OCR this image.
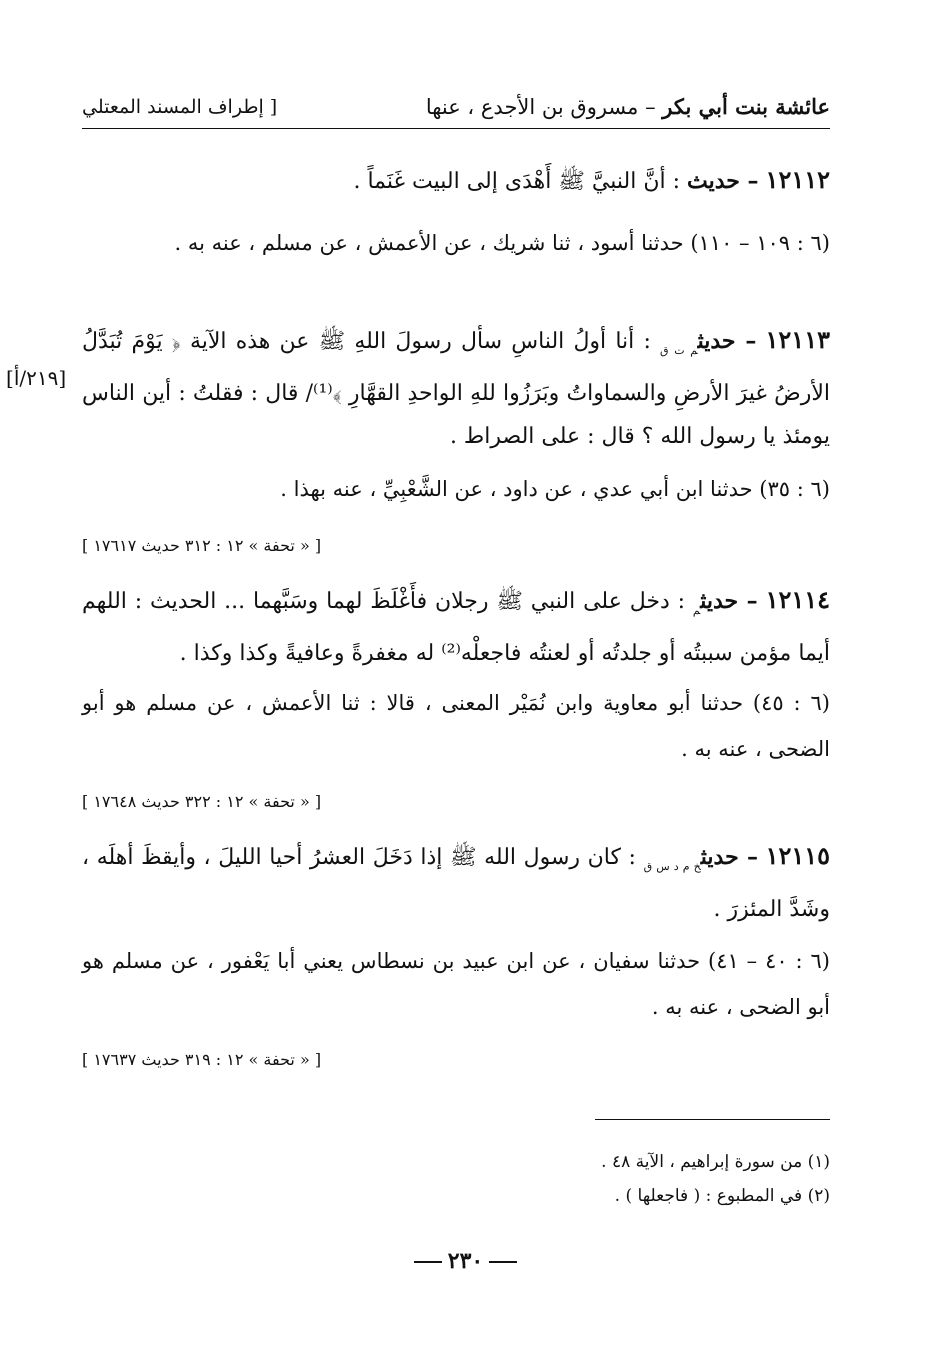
عائشة بنت أبي بكر – مسروق بن الأجدع ، عنها
[ إطراف المسند المعتلي
١٢١١٢ – حديث : أنَّ النبيَّ ﷺ أَهْدَى إلى البيت غَنَماً .
(٦ : ١٠٩ – ١١٠) حدثنا أسود ، ثنا شريك ، عن الأعمش ، عن مسلم ، عنه به .
١٢١١٣ – حديث$_{م ت ق}$ : أنا أولُ الناسِ سأل رسولَ اللهِ ﷺ عن هذه الآية ﴿ يَوْمَ تُبَدَّلُ الأرضُ غيرَ الأرضِ والسماواتُ وبَرَزُوا للهِ الواحدِ القهَّارِ ﴾⁽¹⁾/ قال : فقلتُ : أين الناس يومئذ يا رسول الله ؟ قال : على الصراط .
[٢١٩/أ]
(٦ : ٣٥) حدثنا ابن أبي عدي ، عن داود ، عن الشَّعْبِيِّ ، عنه بهذا .
[ « تحفة » ١٢ : ٣١٢ حديث ١٧٦١٧ ]
١٢١١٤ – حديث$_م$ : دخل على النبي ﷺ رجلان فأَغْلَظَ لهما وسَبَّهما ... الحديث : اللهم أيما مؤمن سببتُه أو جلدتُه أو لعنتُه فاجعلْه⁽²⁾ له مغفرةً وعافيةً وكذا وكذا .
(٦ : ٤٥) حدثنا أبو معاوية وابن نُمَيْر المعنى ، قالا : ثنا الأعمش ، عن مسلم هو أبو الضحى ، عنه به .
[ « تحفة » ١٢ : ٣٢٢ حديث ١٧٦٤٨ ]
١٢١١٥ – حديث$_{خ م د س ق}$ : كان رسول الله ﷺ إذا دَخَلَ العشرُ أحيا الليلَ ، وأيقظَ أهلَه ، وشَدَّ المئزرَ .
(٦ : ٤٠ – ٤١) حدثنا سفيان ، عن ابن عبيد بن نسطاس يعني أبا يَعْفور ، عن مسلم هو أبو الضحى ، عنه به .
[ « تحفة » ١٢ : ٣١٩ حديث ١٧٦٣٧ ]
(١) من سورة إبراهيم ، الآية ٤٨ .
(٢) في المطبوع : ( فاجعلها ) .
٢٣٠
